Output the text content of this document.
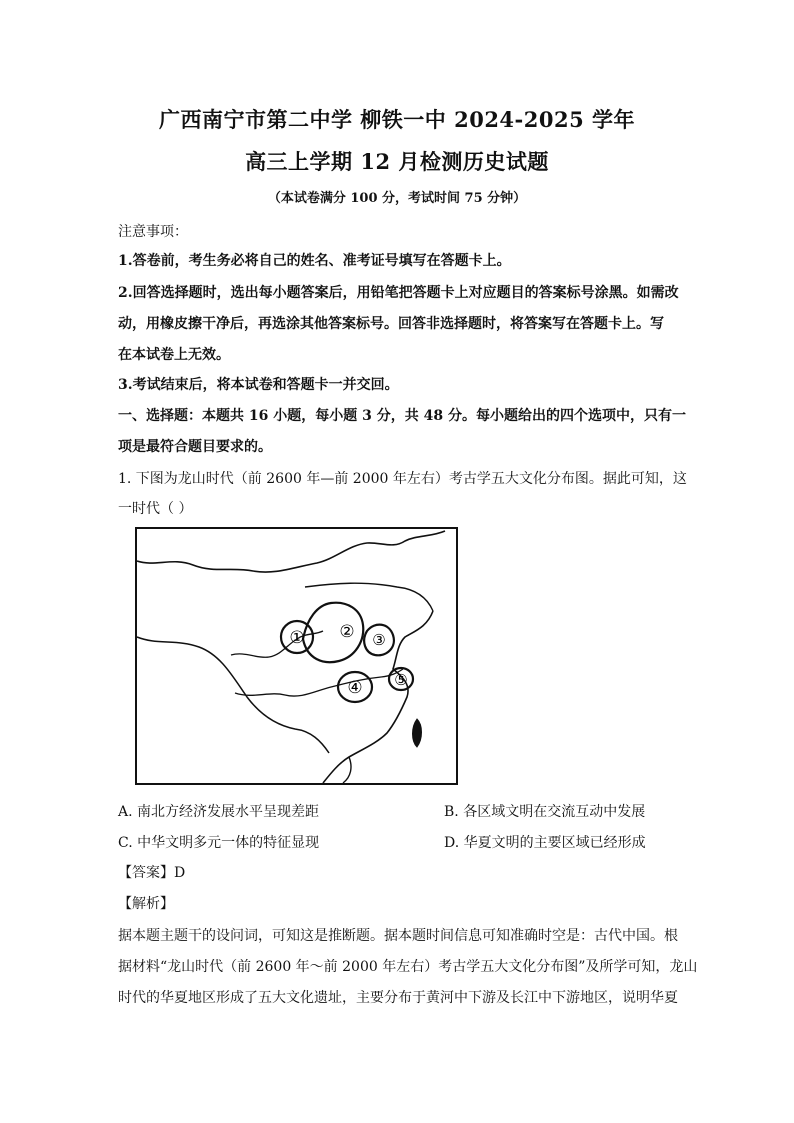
广西南宁市第二中学 柳铁一中 2024-2025 学年
高三上学期 12 月检测历史试题
（本试卷满分 100 分，考试时间 75 分钟）
注意事项：
1.答卷前，考生务必将自己的姓名、准考证号填写在答题卡上。
2.回答选择题时，选出每小题答案后，用铅笔把答题卡上对应题目的答案标号涂黑。如需改
动，用橡皮擦干净后，再选涂其他答案标号。回答非选择题时，将答案写在答题卡上。写
在本试卷上无效。
3.考试结束后，将本试卷和答题卡一并交回。
一、选择题：本题共 16 小题，每小题 3 分，共 48 分。每小题给出的四个选项中，只有一
项是最符合题目要求的。
1. 下图为龙山时代（前 2600 年—前 2000 年左右）考古学五大文化分布图。据此可知，这
一时代（ ）
① ② ③
④ ⑤
A. 南北方经济发展水平呈现差距	B. 各区域文明在交流互动中发展
C. 中华文明多元一体的特征显现	D. 华夏文明的主要区域已经形成
【答案】D
【解析】
据本题主题干的设问词，可知这是推断题。据本题时间信息可知准确时空是：古代中国。根
据材料“龙山时代（前 2600 年～前 2000 年左右）考古学五大文化分布图”及所学可知，龙山
时代的华夏地区形成了五大文化遗址，主要分布于黄河中下游及长江中下游地区，说明华夏
